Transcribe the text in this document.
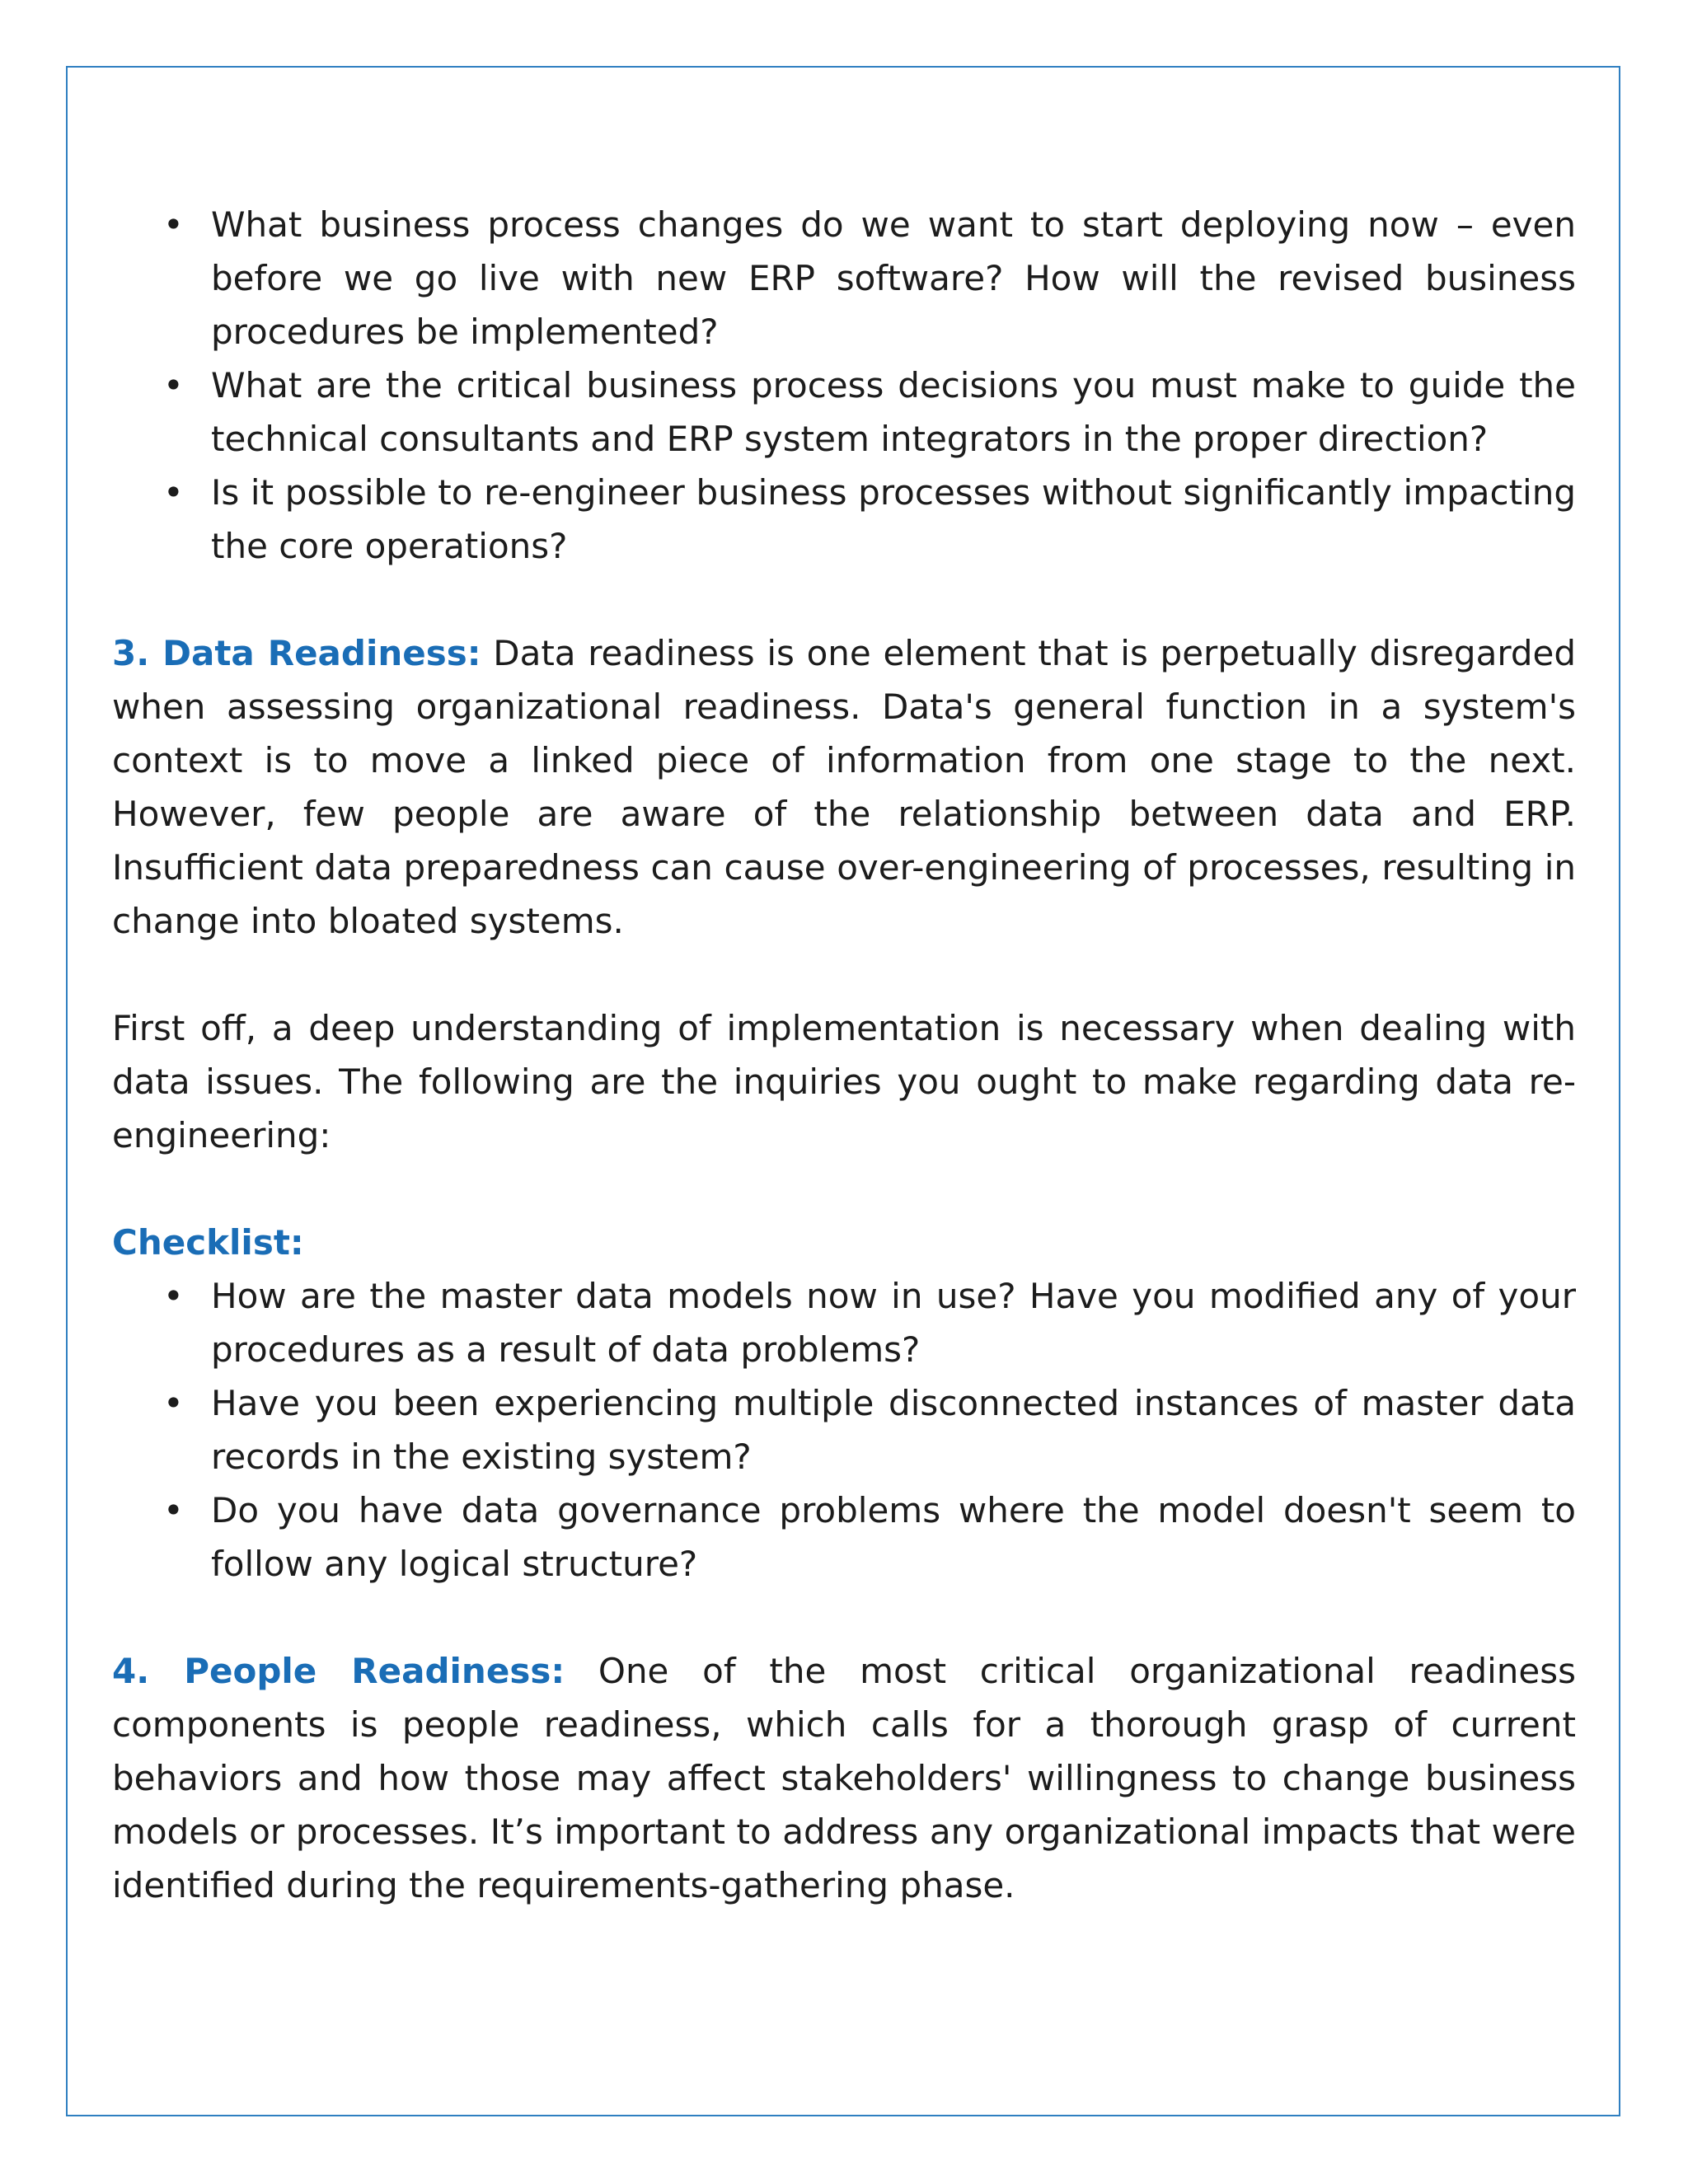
• What business process changes do we want to start deploying now – even before we go live with new ERP software? How will the revised business procedures be implemented?
• What are the critical business process decisions you must make to guide the technical consultants and ERP system integrators in the proper direction?
• Is it possible to re-engineer business processes without significantly impacting the core operations?

3. Data Readiness: Data readiness is one element that is perpetually disregarded when assessing organizational readiness. Data's general function in a system's context is to move a linked piece of information from one stage to the next. However, few people are aware of the relationship between data and ERP. Insufficient data preparedness can cause over-engineering of processes, resulting in change into bloated systems.

First off, a deep understanding of implementation is necessary when dealing with data issues. The following are the inquiries you ought to make regarding data re-engineering:

Checklist:

• How are the master data models now in use? Have you modified any of your procedures as a result of data problems?
• Have you been experiencing multiple disconnected instances of master data records in the existing system?
• Do you have data governance problems where the model doesn't seem to follow any logical structure?

4. People Readiness: One of the most critical organizational readiness components is people readiness, which calls for a thorough grasp of current behaviors and how those may affect stakeholders' willingness to change business models or processes. It’s important to address any organizational impacts that were identified during the requirements-gathering phase.
